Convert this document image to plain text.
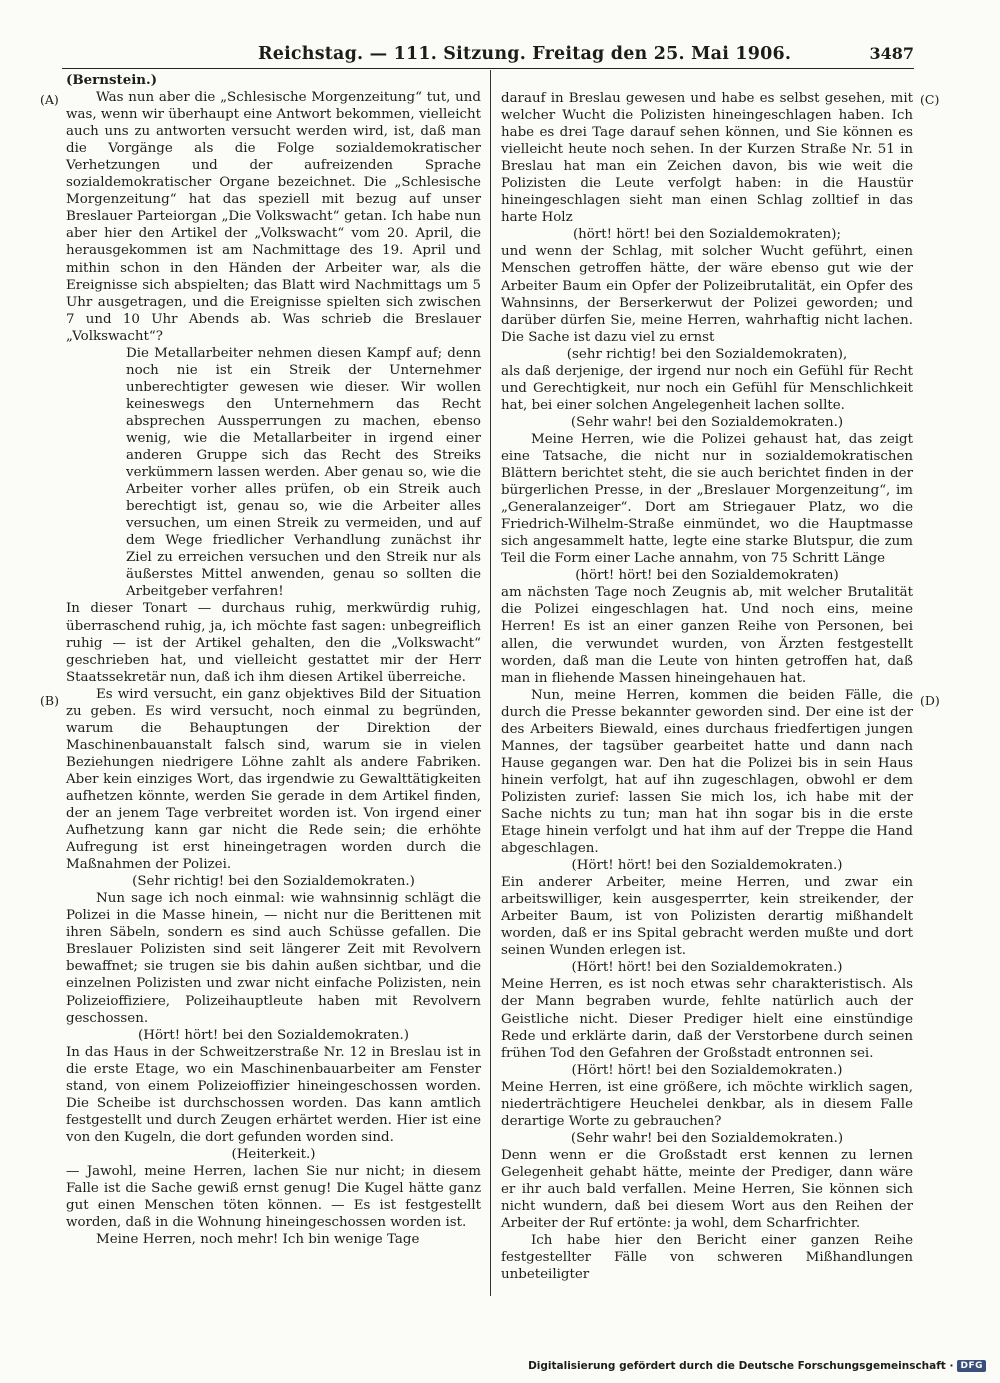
Reichstag. — 111. Sitzung. Freitag den 25. Mai 1906.	3487
(A)
(B)
(C)
(D)

(Bernstein.)

Was nun aber die „Schlesische Morgenzeitung“ tut, und was, wenn wir überhaupt eine Antwort bekommen, vielleicht auch uns zu antworten versucht werden wird, ist, daß man die Vorgänge als die Folge sozialdemokratischer Verhetzungen und der aufreizenden Sprache sozialdemokratischer Organe bezeichnet. Die „Schlesische Morgenzeitung“ hat das speziell mit bezug auf unser Breslauer Parteiorgan „Die Volkswacht“ getan. Ich habe nun aber hier den Artikel der „Volkswacht“ vom 20. April, die herausgekommen ist am Nachmittage des 19. April und mithin schon in den Händen der Arbeiter war, als die Ereignisse sich abspielten; das Blatt wird Nachmittags um 5 Uhr ausgetragen, und die Ereignisse spielten sich zwischen 7 und 10 Uhr Abends ab. Was schrieb die Breslauer „Volkswacht“?

Die Metallarbeiter nehmen diesen Kampf auf; denn noch nie ist ein Streik der Unternehmer unberechtigter gewesen wie dieser. Wir wollen keineswegs den Unternehmern das Recht absprechen Aussperrungen zu machen, ebenso wenig, wie die Metallarbeiter in irgend einer anderen Gruppe sich das Recht des Streiks verkümmern lassen werden. Aber genau so, wie die Arbeiter vorher alles prüfen, ob ein Streik auch berechtigt ist, genau so, wie die Arbeiter alles versuchen, um einen Streik zu vermeiden, und auf dem Wege friedlicher Verhandlung zunächst ihr Ziel zu erreichen versuchen und den Streik nur als äußerstes Mittel anwenden, genau so sollten die Arbeitgeber verfahren!

In dieser Tonart — durchaus ruhig, merkwürdig ruhig, überraschend ruhig, ja, ich möchte fast sagen: unbegreiflich ruhig — ist der Artikel gehalten, den die „Volkswacht“ geschrieben hat, und vielleicht gestattet mir der Herr Staatssekretär nun, daß ich ihm diesen Artikel überreiche.

Es wird versucht, ein ganz objektives Bild der Situation zu geben. Es wird versucht, noch einmal zu begründen, warum die Behauptungen der Direktion der Maschinenbauanstalt falsch sind, warum sie in vielen Beziehungen niedrigere Löhne zahlt als andere Fabriken. Aber kein einziges Wort, das irgendwie zu Gewalttätigkeiten aufhetzen könnte, werden Sie gerade in dem Artikel finden, der an jenem Tage verbreitet worden ist. Von irgend einer Aufhetzung kann gar nicht die Rede sein; die erhöhte Aufregung ist erst hineingetragen worden durch die Maßnahmen der Polizei.

(Sehr richtig! bei den Sozialdemokraten.)

Nun sage ich noch einmal: wie wahnsinnig schlägt die Polizei in die Masse hinein, — nicht nur die Berittenen mit ihren Säbeln, sondern es sind auch Schüsse gefallen. Die Breslauer Polizisten sind seit längerer Zeit mit Revolvern bewaffnet; sie trugen sie bis dahin außen sichtbar, und die einzelnen Polizisten und zwar nicht einfache Polizisten, nein Polizeioffiziere, Polizeihauptleute haben mit Revolvern geschossen.

(Hört! hört! bei den Sozialdemokraten.)

In das Haus in der Schweitzerstraße Nr. 12 in Breslau ist in die erste Etage, wo ein Maschinenbauarbeiter am Fenster stand, von einem Polizeioffizier hineingeschossen worden. Die Scheibe ist durchschossen worden. Das kann amtlich festgestellt und durch Zeugen erhärtet werden. Hier ist eine von den Kugeln, die dort gefunden worden sind.

(Heiterkeit.)

— Jawohl, meine Herren, lachen Sie nur nicht; in diesem Falle ist die Sache gewiß ernst genug! Die Kugel hätte ganz gut einen Menschen töten können. — Es ist festgestellt worden, daß in die Wohnung hineingeschossen worden ist.

Meine Herren, noch mehr! Ich bin wenige Tage

darauf in Breslau gewesen und habe es selbst gesehen, mit welcher Wucht die Polizisten hineingeschlagen haben. Ich habe es drei Tage darauf sehen können, und Sie können es vielleicht heute noch sehen. In der Kurzen Straße Nr. 51 in Breslau hat man ein Zeichen davon, bis wie weit die Polizisten die Leute verfolgt haben: in die Haustür hineingeschlagen sieht man einen Schlag zolltief in das harte Holz

(hört! hört! bei den Sozialdemokraten);

und wenn der Schlag, mit solcher Wucht geführt, einen Menschen getroffen hätte, der wäre ebenso gut wie der Arbeiter Baum ein Opfer der Polizeibrutalität, ein Opfer des Wahnsinns, der Berserkerwut der Polizei geworden; und darüber dürfen Sie, meine Herren, wahrhaftig nicht lachen. Die Sache ist dazu viel zu ernst

(sehr richtig! bei den Sozialdemokraten),

als daß derjenige, der irgend nur noch ein Gefühl für Recht und Gerechtigkeit, nur noch ein Gefühl für Menschlichkeit hat, bei einer solchen Angelegenheit lachen sollte.

(Sehr wahr! bei den Sozialdemokraten.)

Meine Herren, wie die Polizei gehaust hat, das zeigt eine Tatsache, die nicht nur in sozialdemokratischen Blättern berichtet steht, die sie auch berichtet finden in der bürgerlichen Presse, in der „Breslauer Morgenzeitung“, im „Generalanzeiger“. Dort am Striegauer Platz, wo die Friedrich-Wilhelm-Straße einmündet, wo die Hauptmasse sich angesammelt hatte, legte eine starke Blutspur, die zum Teil die Form einer Lache annahm, von 75 Schritt Länge

(hört! hört! bei den Sozialdemokraten)

am nächsten Tage noch Zeugnis ab, mit welcher Brutalität die Polizei eingeschlagen hat. Und noch eins, meine Herren! Es ist an einer ganzen Reihe von Personen, bei allen, die verwundet wurden, von Ärzten festgestellt worden, daß man die Leute von hinten getroffen hat, daß man in fliehende Massen hineingehauen hat.

Nun, meine Herren, kommen die beiden Fälle, die durch die Presse bekannter geworden sind. Der eine ist der des Arbeiters Biewald, eines durchaus friedfertigen jungen Mannes, der tagsüber gearbeitet hatte und dann nach Hause gegangen war. Den hat die Polizei bis in sein Haus hinein verfolgt, hat auf ihn zugeschlagen, obwohl er dem Polizisten zurief: lassen Sie mich los, ich habe mit der Sache nichts zu tun; man hat ihn sogar bis in die erste Etage hinein verfolgt und hat ihm auf der Treppe die Hand abgeschlagen.

(Hört! hört! bei den Sozialdemokraten.)

Ein anderer Arbeiter, meine Herren, und zwar ein arbeitswilliger, kein ausgesperrter, kein streikender, der Arbeiter Baum, ist von Polizisten derartig mißhandelt worden, daß er ins Spital gebracht werden mußte und dort seinen Wunden erlegen ist.

(Hört! hört! bei den Sozialdemokraten.)

Meine Herren, es ist noch etwas sehr charakteristisch. Als der Mann begraben wurde, fehlte natürlich auch der Geistliche nicht. Dieser Prediger hielt eine einstündige Rede und erklärte darin, daß der Verstorbene durch seinen frühen Tod den Gefahren der Großstadt entronnen sei.

(Hört! hört! bei den Sozialdemokraten.)

Meine Herren, ist eine größere, ich möchte wirklich sagen, niederträchtigere Heuchelei denkbar, als in diesem Falle derartige Worte zu gebrauchen?

(Sehr wahr! bei den Sozialdemokraten.)

Denn wenn er die Großstadt erst kennen zu lernen Gelegenheit gehabt hätte, meinte der Prediger, dann wäre er ihr auch bald verfallen. Meine Herren, Sie können sich nicht wundern, daß bei diesem Wort aus den Reihen der Arbeiter der Ruf ertönte: ja wohl, dem Scharfrichter.

Ich habe hier den Bericht einer ganzen Reihe festgestellter Fälle von schweren Mißhandlungen unbeteiligter

Digitalisierung gefördert durch die Deutsche Forschungsgemeinschaft · DFG
